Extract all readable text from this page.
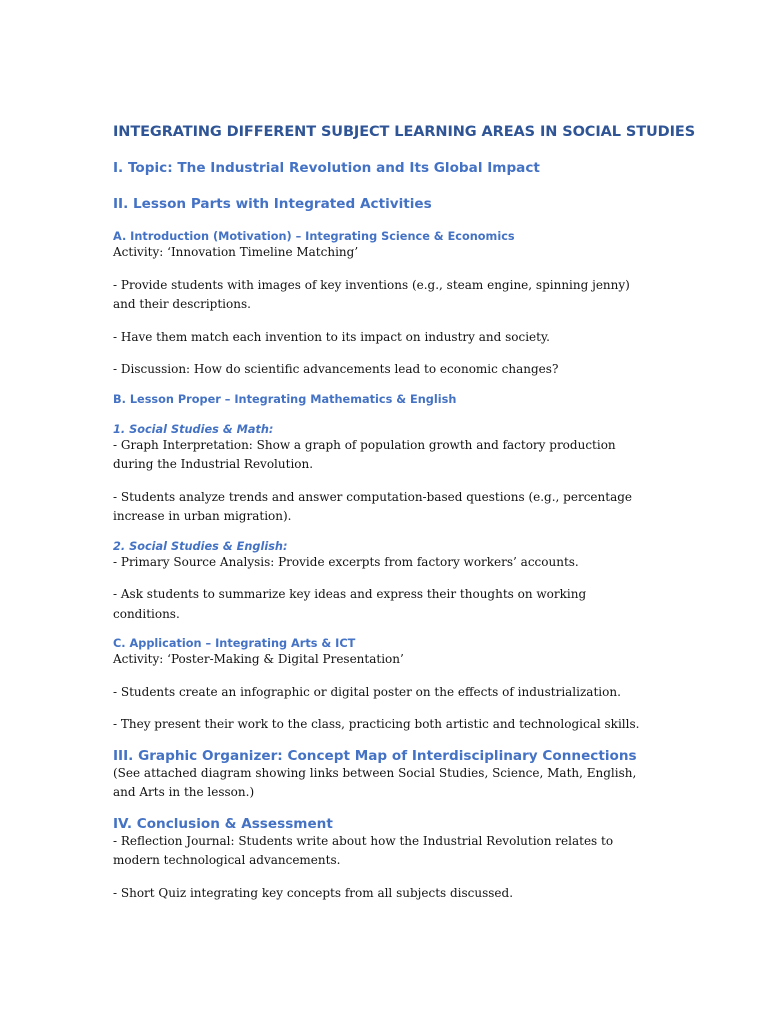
INTEGRATING DIFFERENT SUBJECT LEARNING AREAS IN SOCIAL STUDIES
I. Topic: The Industrial Revolution and Its Global Impact
II. Lesson Parts with Integrated Activities
A. Introduction (Motivation) – Integrating Science & Economics

Activity: ‘Innovation Timeline Matching’

- Provide students with images of key inventions (e.g., steam engine, spinning jenny) and their descriptions.

- Have them match each invention to its impact on industry and society.

- Discussion: How do scientific advancements lead to economic changes?

B. Lesson Proper – Integrating Mathematics & English
1. Social Studies & Math:

- Graph Interpretation: Show a graph of population growth and factory production during the Industrial Revolution.

- Students analyze trends and answer computation-based questions (e.g., percentage increase in urban migration).

2. Social Studies & English:

- Primary Source Analysis: Provide excerpts from factory workers’ accounts.

- Ask students to summarize key ideas and express their thoughts on working conditions.

C. Application – Integrating Arts & ICT

Activity: ‘Poster-Making & Digital Presentation’

- Students create an infographic or digital poster on the effects of industrialization.

- They present their work to the class, practicing both artistic and technological skills.

III. Graphic Organizer: Concept Map of Interdisciplinary Connections

(See attached diagram showing links between Social Studies, Science, Math, English, and Arts in the lesson.)

IV. Conclusion & Assessment

- Reflection Journal: Students write about how the Industrial Revolution relates to modern technological advancements.

- Short Quiz integrating key concepts from all subjects discussed.
